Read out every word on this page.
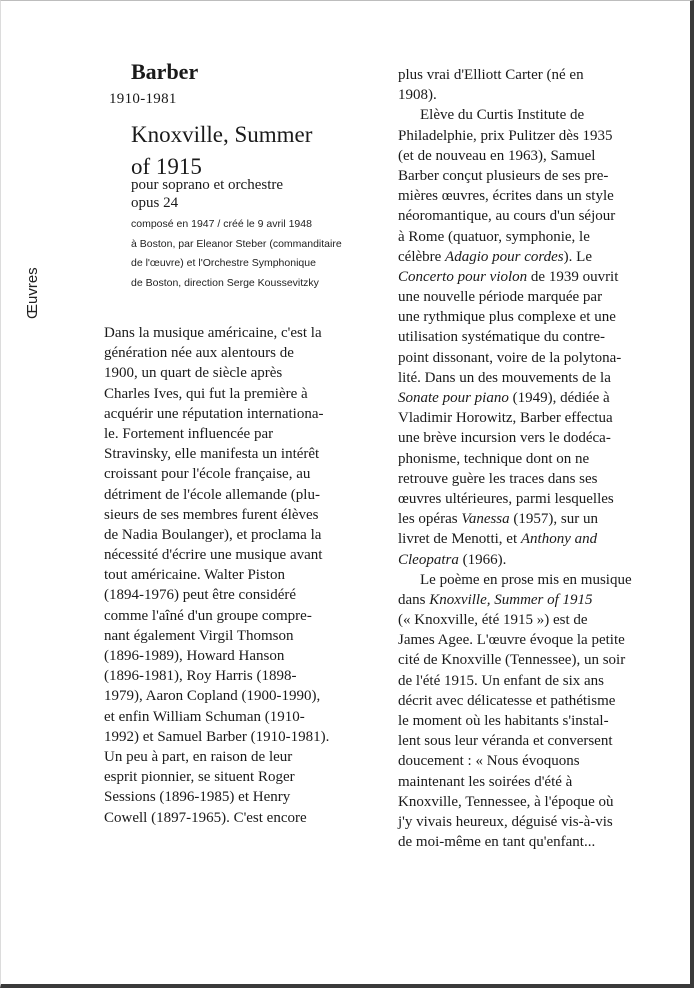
Œuvres
Barber
1910-1981
Knoxville, Summer
of 1915
pour soprano et orchestre
opus 24
composé en 1947 / créé le 9 avril 1948
à Boston, par Eleanor Steber (commanditaire
de l'œuvre) et l'Orchestre Symphonique
de Boston, direction Serge Koussevitzky
Dans la musique américaine, c'est la
génération née aux alentours de
1900, un quart de siècle après
Charles Ives, qui fut la première à
acquérir une réputation internationa-
le. Fortement influencée par
Stravinsky, elle manifesta un intérêt
croissant pour l'école française, au
détriment de l'école allemande (plu-
sieurs de ses membres furent élèves
de Nadia Boulanger), et proclama la
nécessité d'écrire une musique avant
tout américaine. Walter Piston
(1894-1976) peut être considéré
comme l'aîné d'un groupe compre-
nant également Virgil Thomson
(1896-1989), Howard Hanson
(1896-1981), Roy Harris (1898-
1979), Aaron Copland (1900-1990),
et enfin William Schuman (1910-
1992) et Samuel Barber (1910-1981).
Un peu à part, en raison de leur
esprit pionnier, se situent Roger
Sessions (1896-1985) et Henry
Cowell (1897-1965). C'est encore
plus vrai d'Elliott Carter (né en
1908).
Elève du Curtis Institute de
Philadelphie, prix Pulitzer dès 1935
(et de nouveau en 1963), Samuel
Barber conçut plusieurs de ses pre-
mières œuvres, écrites dans un style
néoromantique, au cours d'un séjour
à Rome (quatuor, symphonie, le
célèbre Adagio pour cordes). Le
Concerto pour violon de 1939 ouvrit
une nouvelle période marquée par
une rythmique plus complexe et une
utilisation systématique du contre-
point dissonant, voire de la polytona-
lité. Dans un des mouvements de la
Sonate pour piano (1949), dédiée à
Vladimir Horowitz, Barber effectua
une brève incursion vers le dodéca-
phonisme, technique dont on ne
retrouve guère les traces dans ses
œuvres ultérieures, parmi lesquelles
les opéras Vanessa (1957), sur un
livret de Menotti, et Anthony and
Cleopatra (1966).
Le poème en prose mis en musique
dans Knoxville, Summer of 1915
(« Knoxville, été 1915 ») est de
James Agee. L'œuvre évoque la petite
cité de Knoxville (Tennessee), un soir
de l'été 1915. Un enfant de six ans
décrit avec délicatesse et pathétisme
le moment où les habitants s'instal-
lent sous leur véranda et conversent
doucement : « Nous évoquons
maintenant les soirées d'été à
Knoxville, Tennessee, à l'époque où
j'y vivais heureux, déguisé vis-à-vis
de moi-même en tant qu'enfant...
